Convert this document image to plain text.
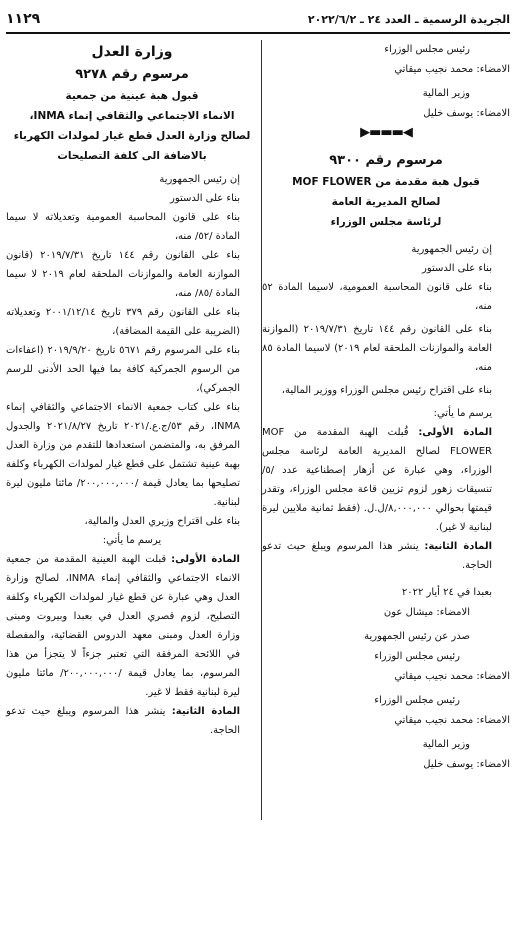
الجريدة الرسمية ـ العدد ٢٤ ـ ٢٠٢٢/٦/٢
١١٢٩
رئيس مجلس الوزراء
الامضاء: محمد نجيب ميقاتي
وزير المالية
الامضاء: يوسف خليل
◀▬▬▬▶
مرسوم رقم ٩٣٠٠
قبول هبة مقدمة من MOF FLOWER
لصالح المديرية العامة
لرئاسة مجلس الوزراء
إن رئيس الجمهورية
بناء على الدستور
بناء على قانون المحاسبة العمومية، لاسيما المادة ٥٢ منه،
بناء على القانون رقم ١٤٤ تاريخ ٢٠١٩/٧/٣١ (الموازنة العامة والموازنات الملحقة لعام ٢٠١٩) لاسيما المادة ٨٥ منه،
بناء على اقتراح رئيس مجلس الوزراء ووزير المالية،
يرسم ما يأتي:
المادة الأولى: قُبلت الهبة المقدمة من MOF FLOWER لصالح المديرية العامة لرئاسة مجلس الوزراء، وهي عبارة عن أزهار إصطناعية عدد /٥/ تنسيقات زهور لزوم تزيين قاعة مجلس الوزراء، وتقدر قيمتها بحوالي ٨,٠٠٠,٠٠٠/ل.ل. (فقط ثمانية ملايين ليرة لبنانية لا غير).
المادة الثانية: ينشر هذا المرسوم ويبلغ حيث تدعو الحاجة.
بعبدا في ٢٤ أيار ٢٠٢٢
الامضاء: ميشال عون
صدر عن رئيس الجمهورية
رئيس مجلس الوزراء
الامضاء: محمد نجيب ميقاتي
رئيس مجلس الوزراء
الامضاء: محمد نجيب ميقاتي
وزير المالية
الامضاء: يوسف خليل
وزارة العدل
مرسوم رقم ٩٢٧٨
قبول هبة عينية من جمعية
الانماء الاجتماعي والثقافي إنماء INMA،
لصالح وزارة العدل قطع غيار لمولدات الكهرباء
بالاضافة الى كلفة التصليحات
إن رئيس الجمهورية
بناء على الدستور
بناء على قانون المحاسبة العمومية وتعديلاته لا سيما المادة /٥٢/ منه،
بناء على القانون رقم ١٤٤ تاريخ ٢٠١٩/٧/٣١ (قانون الموازنة العامة والموازنات الملحقة لعام ٢٠١٩ لا سيما المادة /٨٥/ منه،
بناء على القانون رقم ٣٧٩ تاريخ ٢٠٠١/١٢/١٤ وتعديلاته (الضريبة على القيمة المضافة)،
بناء على المرسوم رقم ٥٦٧١ تاريخ ٢٠١٩/٩/٢٠ (اعفاءات من الرسوم الجمركية كافة بما فيها الحد الأدنى للرسم الجمركي)،
بناء على كتاب جمعية الانماء الاجتماعي والثقافي إنماء INMA، رقم ٥٣/ج.ع./٢٠٢١ تاريخ ٢٠٢١/٨/٢٧ والجدول المرفق به، والمتضمن استعدادها للتقدم من وزارة العدل بهبة عينية تشتمل على قطع غيار لمولدات الكهرباء وكلفة تصليحها بما يعادل قيمة /٢٠٠,٠٠٠,٠٠٠/ مائتا مليون ليرة لبنانية.
بناء على اقتراح وزيري العدل والمالية،
يرسم ما يأتي:
المادة الأولى: قبلت الهبة العينية المقدمة من جمعية الانماء الاجتماعي والثقافي إنماء INMA، لصالح وزارة العدل وهي عبارة عن قطع غيار لمولدات الكهرباء وكلفة التصليح، لزوم قصري العدل في بعبدا وبيروت ومبنى وزارة العدل ومبنى معهد الدروس القضائية، والمفصلة في اللائحة المرفقة التي تعتبر جزءاً لا يتجزأ من هذا المرسوم، بما يعادل قيمة /٢٠٠,٠٠٠,٠٠٠/ مائتا مليون ليرة لبنانية فقط لا غير.
المادة الثانية: ينشر هذا المرسوم ويبلغ حيث تدعو الحاجة.
